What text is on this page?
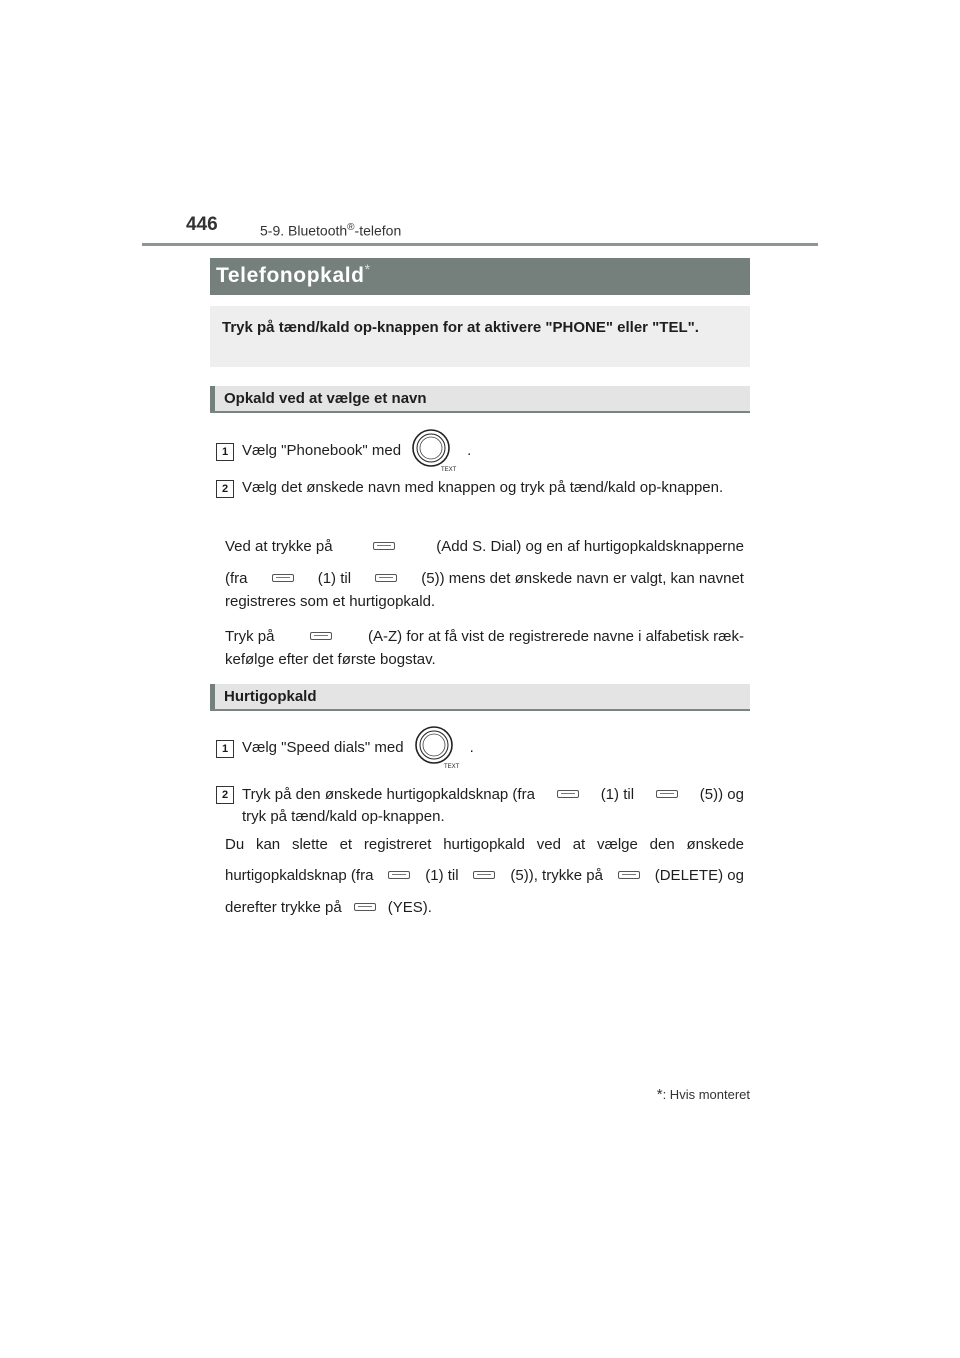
446	5-9. Bluetooth®-telefon
Telefonopkald*
Tryk på tænd/kald op-knappen for at aktivere "PHONE" eller "TEL".
Opkald ved at vælge et navn
1 Vælg "Phonebook" med
TEXT
.
2 Vælg det ønskede navn med knappen og tryk på tænd/kald op-knappen.
Ved at trykke på	(Add S. Dial) og en af hurtigopkaldsknapperne
(fra	(1) til	(5)) mens det ønskede navn er valgt, kan navnet
registreres som et hurtigopkald.
Tryk på	(A-Z) for at få vist de registrerede navne i alfabetisk ræk-
kefølge efter det første bogstav.
Hurtigopkald
1 Vælg "Speed dials" med
TEXT
.
2 Tryk på den ønskede hurtigopkaldsknap (fra	(1) til	(5)) og
tryk på tænd/kald op-knappen.
Du kan slette et registreret hurtigopkald ved at vælge den ønskede
hurtigopkaldsknap (fra	(1) til	(5)), trykke på	(DELETE) og
derefter trykke på	(YES).
*: Hvis monteret
